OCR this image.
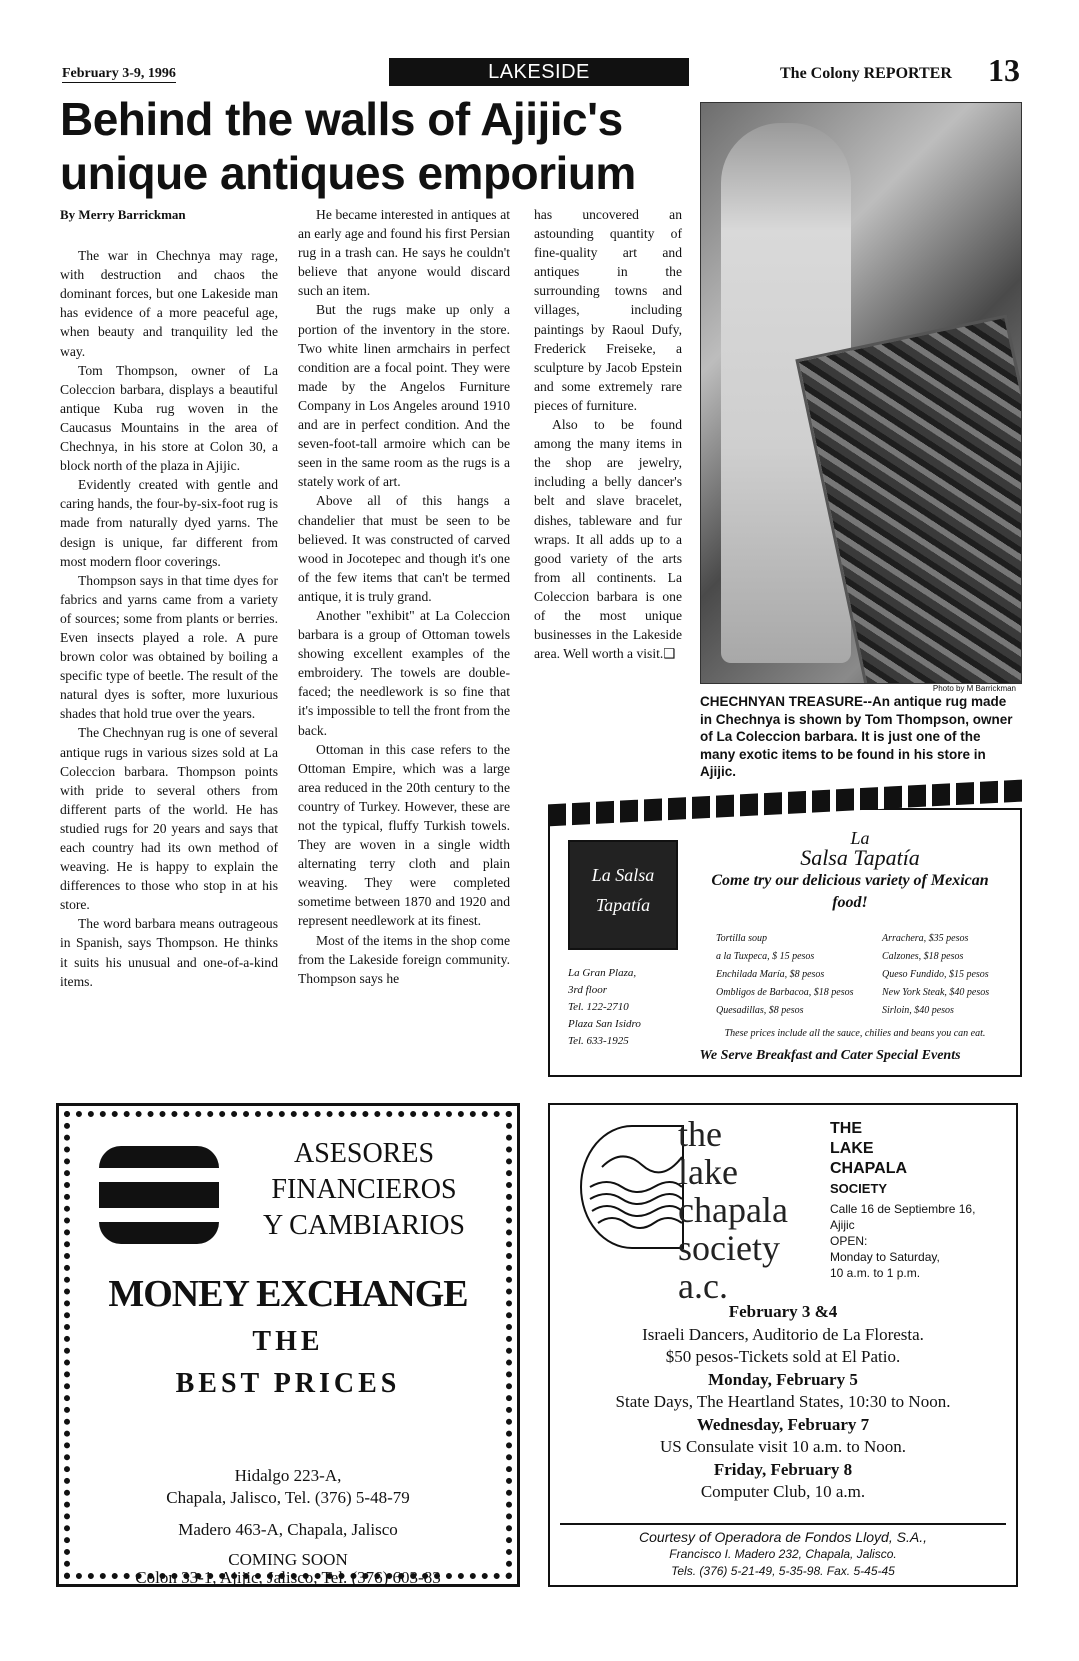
February 3-9, 1996	LAKESIDE	The Colony REPORTER 13
Behind the walls of Ajijic's unique antiques emporium
By Merry Barrickman

The war in Chechnya may rage, with destruction and chaos the dominant forces, but one Lakeside man has evidence of a more peaceful age, when beauty and tranquility led the way.

Tom Thompson, owner of La Coleccion barbara, displays a beautiful antique Kuba rug woven in the Caucasus Mountains in the area of Chechnya, in his store at Colon 30, a block north of the plaza in Ajijic.

Evidently created with gentle and caring hands, the four-by-six-foot rug is made from naturally dyed yarns. The design is unique, far different from most modern floor coverings.

Thompson says in that time dyes for fabrics and yarns came from a variety of sources; some from plants or berries. Even insects played a role. A pure brown color was obtained by boiling a specific type of beetle. The result of the natural dyes is softer, more luxurious shades that hold true over the years.

The Chechnyan rug is one of several antique rugs in various sizes sold at La Coleccion barbara. Thompson points with pride to several others from different parts of the world. He has studied rugs for 20 years and says that each country had its own method of weaving. He is happy to explain the differences to those who stop in at his store.

The word barbara means outrageous in Spanish, says Thompson. He thinks it suits his unusual and one-of-a-kind items.

He became interested in antiques at an early age and found his first Persian rug in a trash can. He says he couldn't believe that anyone would discard such an item.

But the rugs make up only a portion of the inventory in the store. Two white linen armchairs in perfect condition are a focal point. They were made by the Angelos Furniture Company in Los Angeles around 1910 and are in perfect condition. And the seven-foot-tall armoire which can be seen in the same room as the rugs is a stately work of art.

Above all of this hangs a chandelier that must be seen to be believed. It was constructed of carved wood in Jocotepec and though it's one of the few items that can't be termed antique, it is truly grand.

Another "exhibit" at La Coleccion barbara is a group of Ottoman towels showing excellent examples of the embroidery. The towels are double-faced; the needlework is so fine that it's impossible to tell the front from the back.

Ottoman in this case refers to the Ottoman Empire, which was a large area reduced in the 20th century to the country of Turkey. However, these are not the typical, fluffy Turkish towels. They are woven in a single width alternating terry cloth and plain weaving. They were completed sometime between 1870 and 1920 and represent needlework at its finest.

Most of the items in the shop come from the Lakeside foreign community. Thompson says he

has uncovered an astounding quantity of fine-quality art and antiques in the surrounding towns and villages, including paintings by Raoul Dufy, Frederick Freiseke, a sculpture by Jacob Epstein and some extremely rare pieces of furniture.

Also to be found among the many items in the shop are jewelry, including a belly dancer's belt and slave bracelet, dishes, tableware and fur wraps. It all adds up to a good variety of the arts from all continents. La Coleccion barbara is one of the most unique businesses in the Lakeside area. Well worth a visit.❑

Photo by M Barrickman
CHECHNYAN TREASURE--An antique rug made in Chechnya is shown by Tom Thompson, owner of La Coleccion barbara. It is just one of the many exotic items to be found in his store in Ajijic.
La Salsa Tapatía
La
Salsa Tapatía
Come try our delicious variety of Mexican food!
La Gran Plaza,
3rd floor
Tel. 122-2710
Plaza San Isidro
Tel. 633-1925
Tortilla soup
a la Tuxpeca, $ 15 pesos
Enchilada María, $8 pesos
Ombligos de Barbacoa, $18 pesos
Quesadillas, $8 pesos
Arrachera, $35 pesos
Calzones, $18 pesos
Queso Fundido, $15 pesos
New York Steak, $40 pesos
Sirloin, $40 pesos
These prices include all the sauce, chilies and beans you can eat.
We Serve Breakfast and Cater Special Events
ASESORES
FINANCIEROS
Y CAMBIARIOS
MONEY EXCHANGE
THE
BEST PRICES
Hidalgo 223-A,
Chapala, Jalisco, Tel. (376) 5-48-79
Madero 463-A, Chapala, Jalisco
COMING SOON
Colon 33-1, Ajijic, Jalisco, Tel. (376) 603-83
the
lake
chapala
society
a.c.
THE
LAKE
CHAPALA
SOCIETY
Calle 16 de Septiembre 16,
Ajijic
OPEN:
Monday to Saturday,
10 a.m. to 1 p.m.
February 3 &4
Israeli Dancers, Auditorio de La Floresta.
$50 pesos-Tickets sold at El Patio.
Monday, February 5
State Days, The Heartland States, 10:30 to Noon.
Wednesday, February 7
US Consulate visit 10 a.m. to Noon.
Friday, February 8
Computer Club, 10 a.m.
Courtesy of Operadora de Fondos Lloyd, S.A.,
Francisco I. Madero 232, Chapala, Jalisco.
Tels. (376) 5-21-49, 5-35-98. Fax. 5-45-45
